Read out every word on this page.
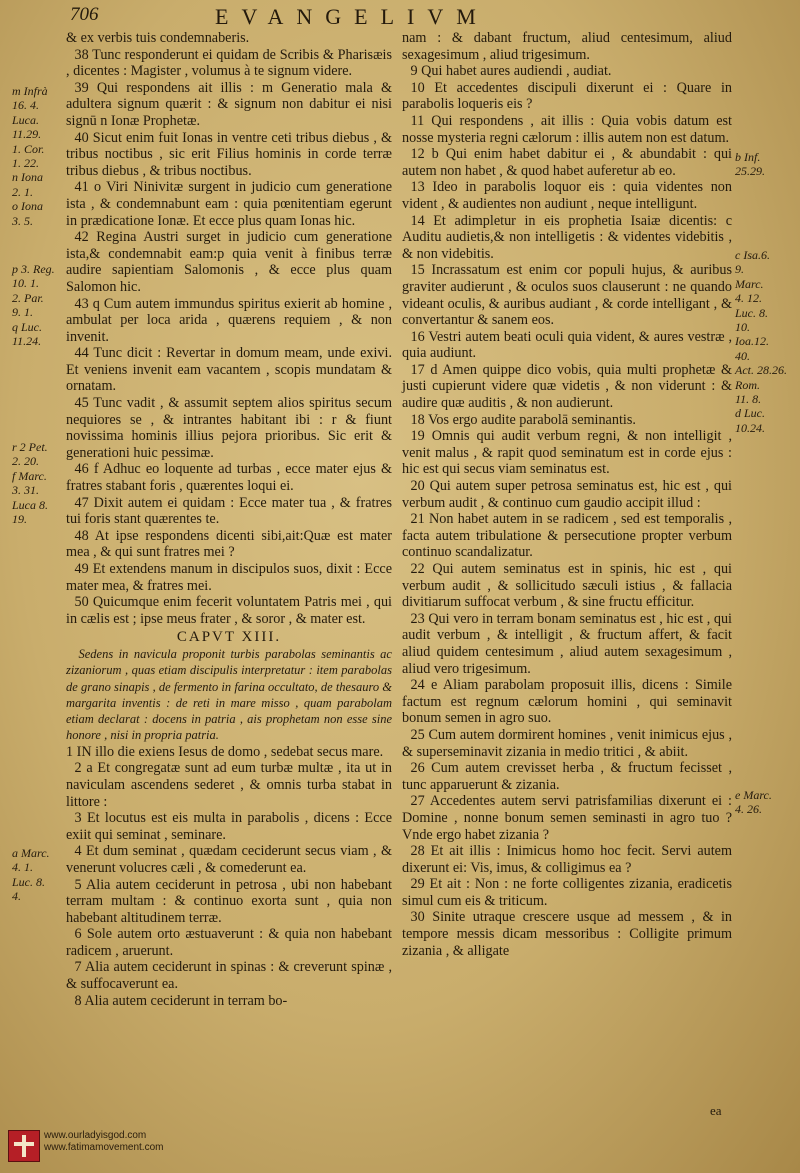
706	EVANGELIVM

& ex verbis tuis condemnaberis.

38 Tunc responderunt ei quidam de Scribis & Pharisæis , dicentes : Magister , volumus à te signum videre.

39 Qui respondens ait illis : m Generatio mala & adultera signum quærit : & signum non dabitur ei nisi signū n Ionæ Prophetæ.

40 Sicut enim fuit Ionas in ventre ceti tribus diebus , & tribus noctibus , sic erit Filius hominis in corde terræ tribus diebus , & tribus noctibus.

41 o Viri Ninivitæ surgent in judicio cum generatione ista , & condemnabunt eam : quia pœnitentiam egerunt in prædicatione Ionæ. Et ecce plus quam Ionas hic.

42 Regina Austri surget in judicio cum generatione ista,& condemnabit eam:p quia venit à finibus terræ audire sapientiam Salomonis , & ecce plus quam Salomon hic.

43 q Cum autem immundus spiritus exierit ab homine , ambulat per loca arida , quærens requiem , & non invenit.

44 Tunc dicit : Revertar in domum meam, unde exivi. Et veniens invenit eam vacantem , scopis mundatam & ornatam.

45 Tunc vadit , & assumit septem alios spiritus secum nequiores se , & intrantes habitant ibi : r & fiunt novissima hominis illius pejora prioribus. Sic erit & generationi huic pessimæ.

46 f Adhuc eo loquente ad turbas , ecce mater ejus & fratres stabant foris , quærentes loqui ei.

47 Dixit autem ei quidam : Ecce mater tua , & fratres tui foris stant quærentes te.

48 At ipse respondens dicenti sibi,ait:Quæ est mater mea , & qui sunt fratres mei ?

49 Et extendens manum in discipulos suos, dixit : Ecce mater mea, & fratres mei.

50 Quicumque enim fecerit voluntatem Patris mei , qui in cælis est ; ipse meus frater , & soror , & mater est.

CAPVT XIII.

Sedens in navicula proponit turbis parabolas seminantis ac zizaniorum , quas etiam discipulis interpretatur : item parabolas de grano sinapis , de fermento in farina occultato, de thesauro & margarita inventis : de reti in mare misso , quam parabolam etiam declarat : docens in patria , ais prophetam non esse sine honore , nisi in propria patria.

1 IN illo die exiens Iesus de domo , sedebat secus mare.

2 a Et congregatæ sunt ad eum turbæ multæ , ita ut in naviculam ascendens sederet , & omnis turba stabat in littore :

3 Et locutus est eis multa in parabolis , dicens : Ecce exiit qui seminat , seminare.

4 Et dum seminat , quædam ceciderunt secus viam , & venerunt volucres cæli , & comederunt ea.

5 Alia autem ceciderunt in petrosa , ubi non habebant terram multam : & continuo exorta sunt , quia non habebant altitudinem terræ.

6 Sole autem orto æstuaverunt : & quia non habebant radicem , aruerunt.

7 Alia autem ceciderunt in spinas : & creverunt spinæ , & suffocaverunt ea.

8 Alia autem ceciderunt in terram bo-

nam : & dabant fructum, aliud centesimum, aliud sexagesimum , aliud trigesimum.

9 Qui habet aures audiendi , audiat.

10 Et accedentes discipuli dixerunt ei : Quare in parabolis loqueris eis ?

11 Qui respondens , ait illis : Quia vobis datum est nosse mysteria regni cælorum : illis autem non est datum.

12 b Qui enim habet dabitur ei , & abundabit : qui autem non habet , & quod habet auferetur ab eo.

13 Ideo in parabolis loquor eis : quia videntes non vident , & audientes non audiunt , neque intelligunt.

14 Et adimpletur in eis prophetia Isaiæ dicentis: c Auditu audietis,& non intelligetis : & videntes videbitis , & non videbitis.

15 Incrassatum est enim cor populi hujus, & auribus graviter audierunt , & oculos suos clauserunt : ne quando videant oculis, & auribus audiant , & corde intelligant , & convertantur & sanem eos.

16 Vestri autem beati oculi quia vident, & aures vestræ , quia audiunt.

17 d Amen quippe dico vobis, quia multi prophetæ & justi cupierunt videre quæ videtis , & non viderunt : & audire quæ auditis , & non audierunt.

18 Vos ergo audite parabolā seminantis.

19 Omnis qui audit verbum regni, & non intelligit , venit malus , & rapit quod seminatum est in corde ejus : hic est qui secus viam seminatus est.

20 Qui autem super petrosa seminatus est, hic est , qui verbum audit , & continuo cum gaudio accipit illud :

21 Non habet autem in se radicem , sed est temporalis , facta autem tribulatione & persecutione propter verbum continuo scandalizatur.

22 Qui autem seminatus est in spinis, hic est , qui verbum audit , & sollicitudo sæculi istius , & fallacia divitiarum suffocat verbum , & sine fructu efficitur.

23 Qui vero in terram bonam seminatus est , hic est , qui audit verbum , & intelligit , & fructum affert, & facit aliud quidem centesimum , aliud autem sexagesimum , aliud vero trigesimum.

24 e Aliam parabolam proposuit illis, dicens : Simile factum est regnum cælorum homini , qui seminavit bonum semen in agro suo.

25 Cum autem dormirent homines , venit inimicus ejus , & superseminavit zizania in medio tritici , & abiit.

26 Cum autem crevisset herba , & fructum fecisset , tunc apparuerunt & zizania.

27 Accedentes autem servi patrisfamilias dixerunt ei : Domine , nonne bonum semen seminasti in agro tuo ? Vnde ergo habet zizania ?

28 Et ait illis : Inimicus homo hoc fecit. Servi autem dixerunt ei: Vis, imus, & colligimus ea ?

29 Et ait : Non : ne forte colligentes zizania, eradicetis simul cum eis & triticum.

30 Sinite utraque crescere usque ad messem , & in tempore messis dicam messoribus : Colligite primum zizania , & alligate

m Infrà
16. 4.
Luca.
11.29.
1. Cor.
1. 22.
n Iona
2. 1.
o Iona
3. 5.
p 3. Reg.
10. 1.
2. Par.
9. 1.
q Luc.
11.24.
r 2 Pet.
2. 20.
f Marc.
3. 31.
Luca 8.
19.
a Marc.
4. 1.
Luc. 8.
4.
b Inf.
25.29.
c Isa.6.
9.
Marc.
4. 12.
Luc. 8.
10.
Ioa.12.
40.
Act. 28.26.
Rom.
11. 8.
d Luc.
10.24.
e Marc.
4. 26.
ea
www.ourladyisgod.com
www.fatimamovement.com
